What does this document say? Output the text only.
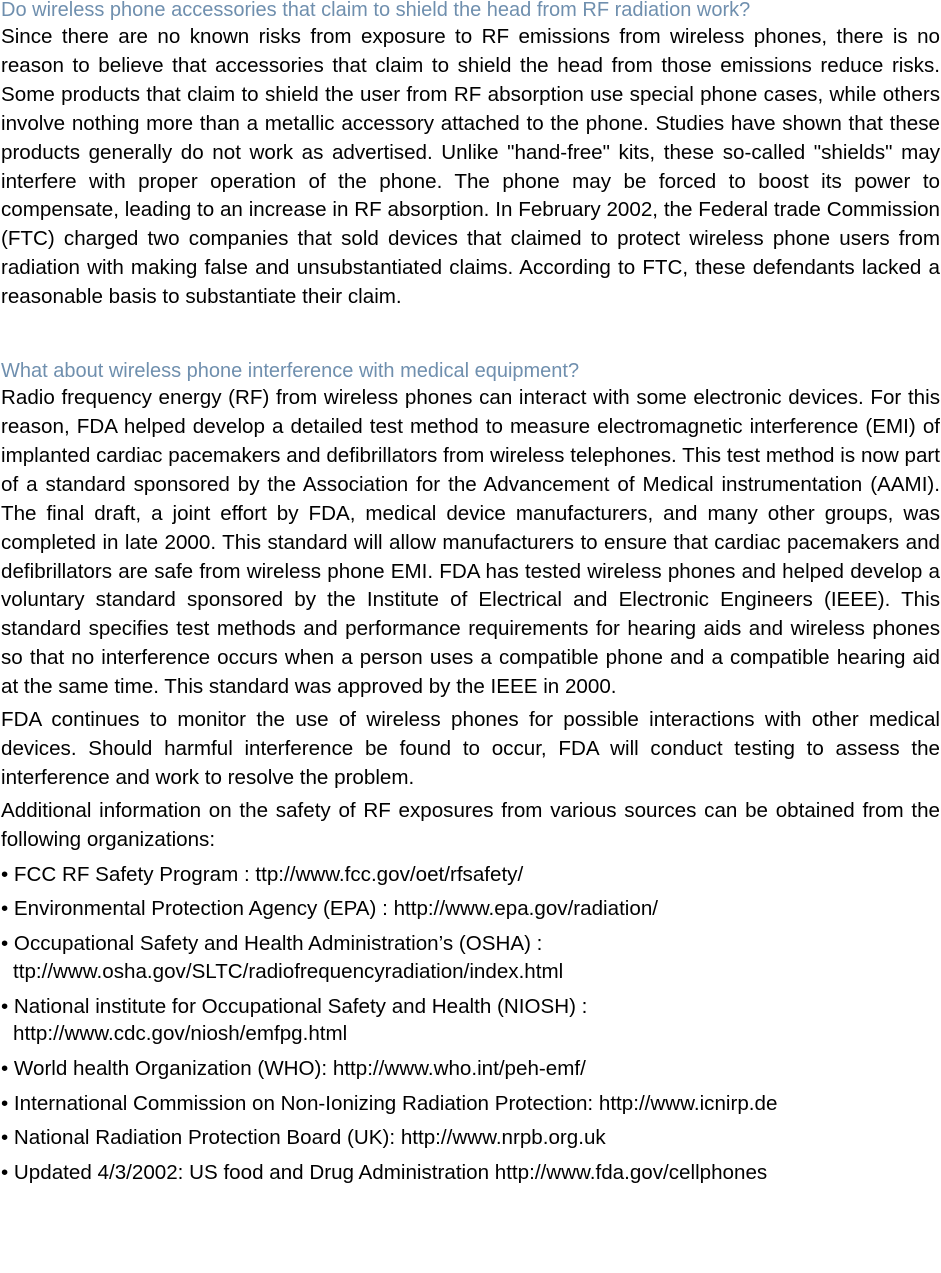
Do wireless phone accessories that claim to shield the head from RF radiation work?

Since there are no known risks from exposure to RF emissions from wireless phones, there is no reason to believe that accessories that claim to shield the head from those emissions reduce risks. Some products that claim to shield the user from RF absorption use special phone cases, while others involve nothing more than a metallic accessory attached to the phone. Studies have shown that these products generally do not work as advertised. Unlike "hand-free" kits, these so-called "shields" may interfere with proper operation of the phone. The phone may be forced to boost its power to compensate, leading to an increase in RF absorption. In February 2002, the Federal trade Commission (FTC) charged two companies that sold devices that claimed to protect wireless phone users from radiation with making false and unsubstantiated claims. According to FTC, these defendants lacked a reasonable basis to substantiate their claim.

What about wireless phone interference with medical equipment?

Radio frequency energy (RF) from wireless phones can interact with some electronic devices. For this reason, FDA helped develop a detailed test method to measure electromagnetic interference (EMI) of implanted cardiac pacemakers and defibrillators from wireless telephones. This test method is now part of a standard sponsored by the Association for the Advancement of Medical instrumentation (AAMI). The final draft, a joint effort by FDA, medical device manufacturers, and many other groups, was completed in late 2000. This standard will allow manufacturers to ensure that cardiac pacemakers and defibrillators are safe from wireless phone EMI. FDA has tested wireless phones and helped develop a voluntary standard sponsored by the Institute of Electrical and Electronic Engineers (IEEE). This standard specifies test methods and performance requirements for hearing aids and wireless phones so that no interference occurs when a person uses a compatible phone and a compatible hearing aid at the same time. This standard was approved by the IEEE in 2000.

FDA continues to monitor the use of wireless phones for possible interactions with other medical devices. Should harmful interference be found to occur, FDA will conduct testing to assess the interference and work to resolve the problem.

Additional information on the safety of RF exposures from various sources can be obtained from the following organizations:

• FCC RF Safety Program : ttp://www.fcc.gov/oet/rfsafety/
• Environmental Protection Agency (EPA) : http://www.epa.gov/radiation/
• Occupational Safety and Health Administration’s (OSHA) :
ttp://www.osha.gov/SLTC/radiofrequencyradiation/index.html
• National institute for Occupational Safety and Health (NIOSH) :
http://www.cdc.gov/niosh/emfpg.html
• World health Organization (WHO): http://www.who.int/peh-emf/
• International Commission on Non-Ionizing Radiation Protection: http://www.icnirp.de
• National Radiation Protection Board (UK): http://www.nrpb.org.uk
• Updated 4/3/2002: US food and Drug Administration http://www.fda.gov/cellphones
